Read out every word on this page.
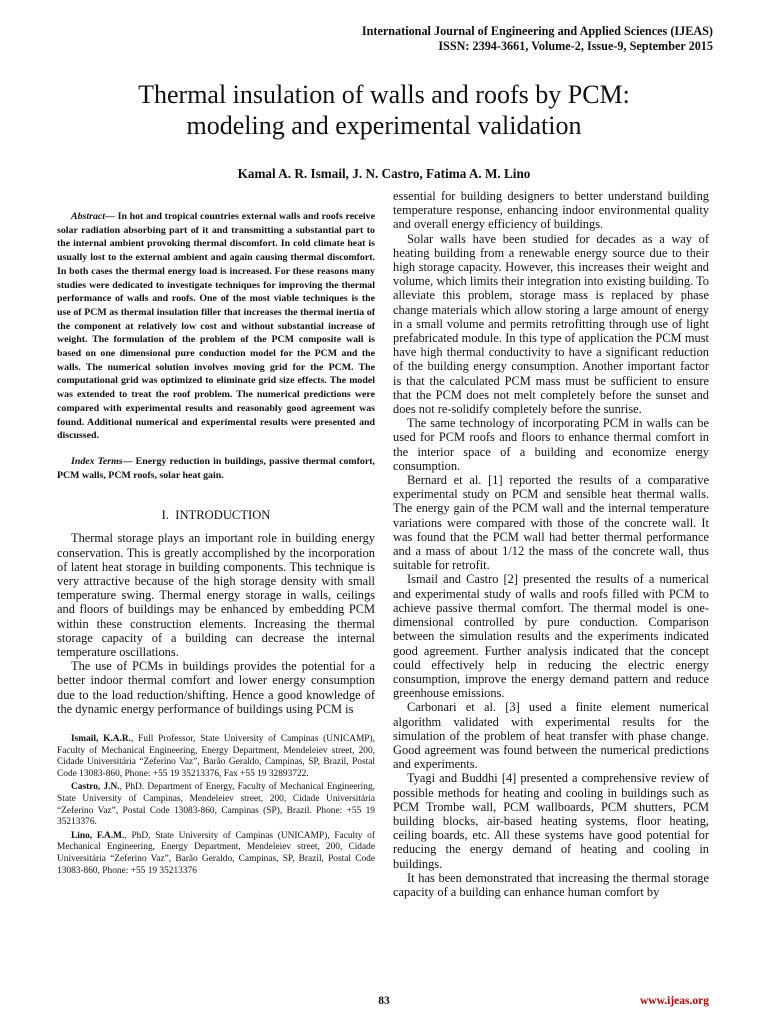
International Journal of Engineering and Applied Sciences (IJEAS)
ISSN: 2394-3661, Volume-2, Issue-9, September 2015
Thermal insulation of walls and roofs by PCM:
modeling and experimental validation
Kamal A. R. Ismail, J. N. Castro, Fatima A. M. Lino

Abstract— In hot and tropical countries external walls and roofs receive solar radiation absorbing part of it and transmitting a substantial part to the internal ambient provoking thermal discomfort. In cold climate heat is usually lost to the external ambient and again causing thermal discomfort. In both cases the thermal energy load is increased. For these reasons many studies were dedicated to investigate techniques for improving the thermal performance of walls and roofs. One of the most viable techniques is the use of PCM as thermal insulation filler that increases the thermal inertia of the component at relatively low cost and without substantial increase of weight. The formulation of the problem of the PCM composite wall is based on one dimensional pure conduction model for the PCM and the walls. The numerical solution involves moving grid for the PCM. The computational grid was optimized to eliminate grid size effects. The model was extended to treat the roof problem. The numerical predictions were compared with experimental results and reasonably good agreement was found. Additional numerical and experimental results were presented and discussed.

Index Terms— Energy reduction in buildings, passive thermal comfort, PCM walls, PCM roofs, solar heat gain.

I.  INTRODUCTION

Thermal storage plays an important role in building energy conservation. This is greatly accomplished by the incorporation of latent heat storage in building components. This technique is very attractive because of the high storage density with small temperature swing. Thermal energy storage in walls, ceilings and floors of buildings may be enhanced by embedding PCM within these construction elements. Increasing the thermal storage capacity of a building can decrease the internal temperature oscillations.

The use of PCMs in buildings provides the potential for a better indoor thermal comfort and lower energy consumption due to the load reduction/shifting. Hence a good knowledge of the dynamic energy performance of buildings using PCM is

Ismail, K.A.R., Full Professor, State University of Campinas (UNICAMP), Faculty of Mechanical Engineering, Energy Department, Mendeleiev street, 200, Cidade Universitária “Zeferino Vaz”, Barão Geraldo, Campinas, SP, Brazil, Postal Code 13083-860, Phone: +55 19 35213376, Fax +55 19 32893722.

Castro, J.N., PhD. Department of Energy, Faculty of Mechanical Engineering, State University of Campinas, Mendeleiev street, 200, Cidade Universitária “Zeferino Vaz”, Postal Code 13083-860, Campinas (SP), Brazil. Phone: +55 19 35213376.

Lino, F.A.M., PhD, State University of Campinas (UNICAMP), Faculty of Mechanical Engineering, Energy Department, Mendeleiev street, 200, Cidade Universitária “Zeferino Vaz”, Barão Geraldo, Campinas, SP, Brazil, Postal Code 13083-860, Phone: +55 19 35213376

essential for building designers to better understand building temperature response, enhancing indoor environmental quality and overall energy efficiency of buildings.

Solar walls have been studied for decades as a way of heating building from a renewable energy source due to their high storage capacity. However, this increases their weight and volume, which limits their integration into existing building. To alleviate this problem, storage mass is replaced by phase change materials which allow storing a large amount of energy in a small volume and permits retrofitting through use of light prefabricated module. In this type of application the PCM must have high thermal conductivity to have a significant reduction of the building energy consumption. Another important factor is that the calculated PCM mass must be sufficient to ensure that the PCM does not melt completely before the sunset and does not re-solidify completely before the sunrise.

The same technology of incorporating PCM in walls can be used for PCM roofs and floors to enhance thermal comfort in the interior space of a building and economize energy consumption.

Bernard et al. [1] reported the results of a comparative experimental study on PCM and sensible heat thermal walls. The energy gain of the PCM wall and the internal temperature variations were compared with those of the concrete wall. It was found that the PCM wall had better thermal performance and a mass of about 1/12 the mass of the concrete wall, thus suitable for retrofit.

Ismail and Castro [2] presented the results of a numerical and experimental study of walls and roofs filled with PCM to achieve passive thermal comfort. The thermal model is one-dimensional controlled by pure conduction. Comparison between the simulation results and the experiments indicated good agreement. Further analysis indicated that the concept could effectively help in reducing the electric energy consumption, improve the energy demand pattern and reduce greenhouse emissions.

Carbonari et al. [3] used a finite element numerical algorithm validated with experimental results for the simulation of the problem of heat transfer with phase change. Good agreement was found between the numerical predictions and experiments.

Tyagi and Buddhi [4] presented a comprehensive review of possible methods for heating and cooling in buildings such as PCM Trombe wall, PCM wallboards, PCM shutters, PCM building blocks, air-based heating systems, floor heating, ceiling boards, etc. All these systems have good potential for reducing the energy demand of heating and cooling in buildings.

It has been demonstrated that increasing the thermal storage capacity of a building can enhance human comfort by

83	www.ijeas.org
